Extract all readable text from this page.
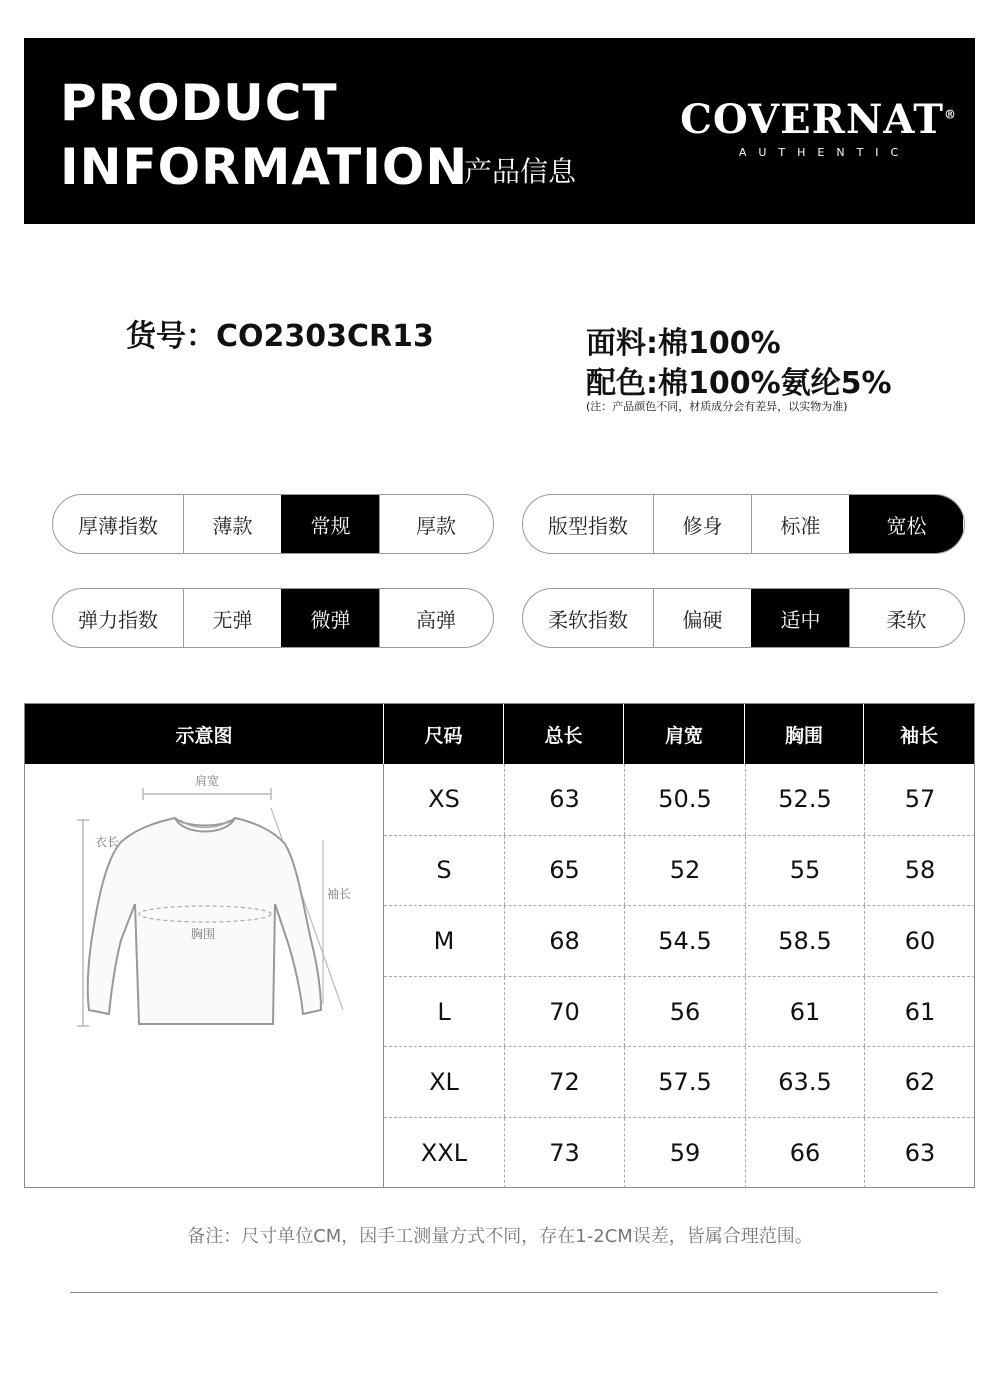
PRODUCT
INFORMATION
产品信息
COVERNAT®
AUTHENTIC
货号：CO2303CR13	面料:棉100%
配色:棉100%氨纶5%
(注：产品颜色不同，材质成分会有差异，以实物为准)
厚薄指数	薄款	常规	厚款	版型指数	修身	标准	宽松
弹力指数	无弹	微弹	高弹	柔软指数	偏硬	适中	柔软
示意图	尺码	总长	肩宽	胸围	袖长
肩宽
衣长
袖长
胸围
XS	63	50.5	52.5	57
S	65	52	55	58
M	68	54.5	58.5	60
L	70	56	61	61
XL	72	57.5	63.5	62
XXL	73	59	66	63
备注：尺寸单位CM，因手工测量方式不同，存在1-2CM误差，皆属合理范围。
